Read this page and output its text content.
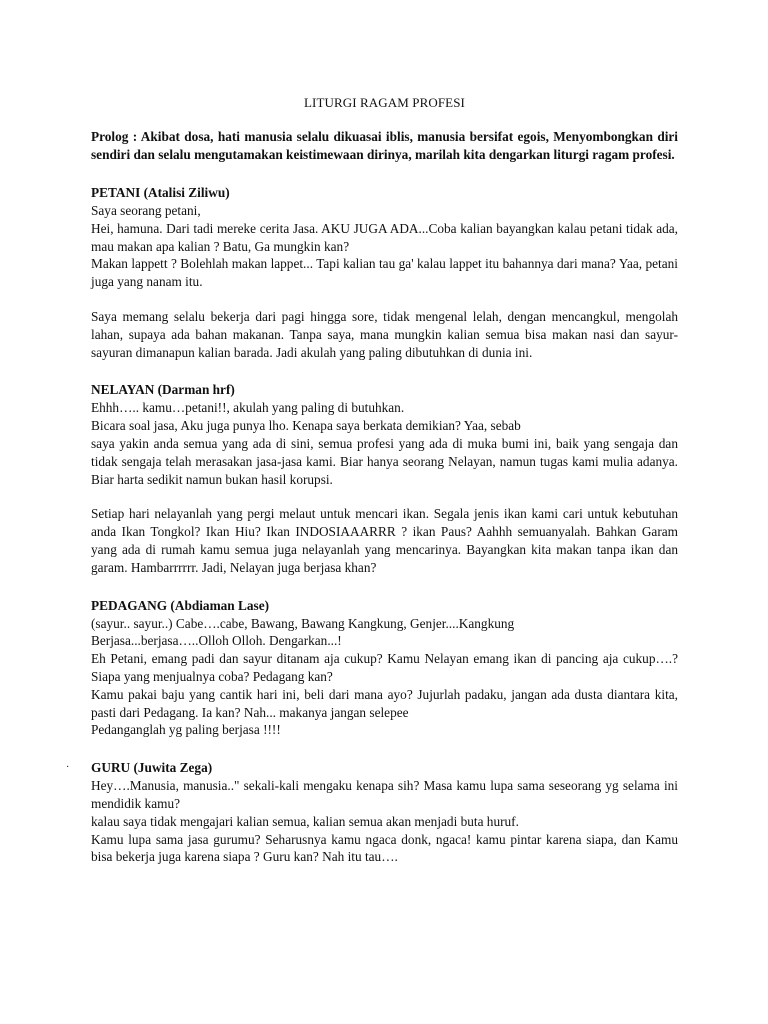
LITURGI RAGAM PROFESI

Prolog : Akibat dosa, hati manusia selalu dikuasai iblis, manusia bersifat egois, Menyombongkan diri sendiri dan selalu mengutamakan keistimewaan dirinya, marilah kita dengarkan liturgi ragam profesi.

PETANI (Atalisi Ziliwu)

Saya seorang petani,

Hei, hamuna. Dari tadi mereke cerita Jasa. AKU JUGA ADA...Coba kalian bayangkan kalau petani tidak ada, mau makan apa kalian ? Batu, Ga mungkin kan?

Makan lappett ? Bolehlah makan lappet... Tapi kalian tau ga' kalau lappet itu bahannya dari mana? Yaa, petani juga yang nanam itu.

Saya memang selalu bekerja dari pagi hingga sore, tidak mengenal lelah, dengan mencangkul, mengolah lahan, supaya ada bahan makanan. Tanpa saya, mana mungkin kalian semua bisa makan nasi dan sayur-sayuran dimanapun kalian barada. Jadi akulah yang paling dibutuhkan di dunia ini.

NELAYAN (Darman hrf)

Ehhh….. kamu…petani!!, akulah yang paling di butuhkan.

Bicara soal jasa, Aku juga punya lho. Kenapa saya berkata demikian? Yaa, sebab

saya yakin anda semua yang ada di sini, semua profesi yang ada di muka bumi ini, baik yang sengaja dan tidak sengaja telah merasakan jasa-jasa kami. Biar hanya seorang Nelayan, namun tugas kami mulia adanya. Biar harta sedikit namun bukan hasil korupsi.

Setiap hari nelayanlah yang pergi melaut untuk mencari ikan. Segala jenis ikan kami cari untuk kebutuhan anda Ikan Tongkol? Ikan Hiu? Ikan INDOSIAAARRR ? ikan Paus? Aahhh semuanyalah. Bahkan Garam yang ada di rumah kamu semua juga nelayanlah yang mencarinya. Bayangkan kita makan tanpa ikan dan garam. Hambarrrrrr. Jadi, Nelayan juga berjasa khan?

PEDAGANG (Abdiaman Lase)

(sayur.. sayur..) Cabe….cabe, Bawang, Bawang Kangkung, Genjer....Kangkung

Berjasa...berjasa…..Olloh Olloh. Dengarkan...!

Eh Petani, emang padi dan sayur ditanam aja cukup? Kamu Nelayan emang ikan di pancing aja cukup….? Siapa yang menjualnya coba? Pedagang kan?

Kamu pakai baju yang cantik hari ini, beli dari mana ayo? Jujurlah padaku, jangan ada dusta diantara kita, pasti dari Pedagang. Ia kan? Nah... makanya jangan selepee

Pedanganglah yg paling berjasa !!!!

· GURU (Juwita Zega)

Hey….Manusia, manusia.." sekali-kali mengaku kenapa sih? Masa kamu lupa sama seseorang yg selama ini mendidik kamu?

kalau saya tidak mengajari kalian semua, kalian semua akan menjadi buta huruf.

Kamu lupa sama jasa gurumu? Seharusnya kamu ngaca donk, ngaca! kamu pintar karena siapa, dan Kamu bisa bekerja juga karena siapa ? Guru kan? Nah itu tau….
